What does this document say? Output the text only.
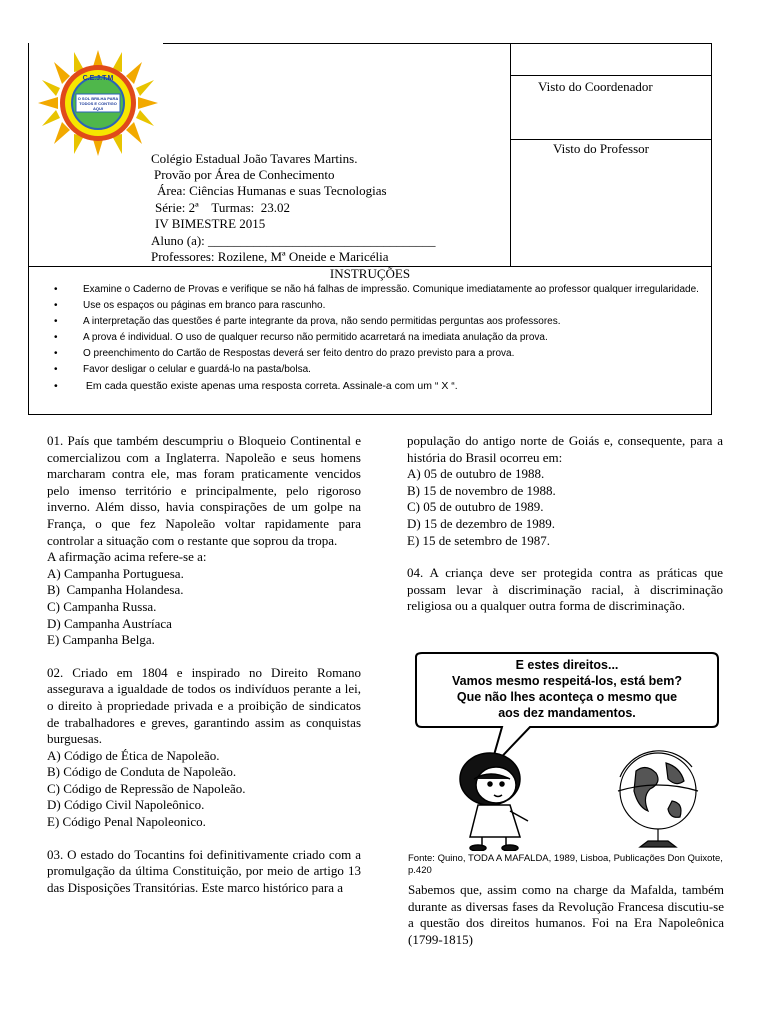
C.E.J.T.M
O SOL BRILHA PARA TODOS E CONTIGO AQUI
Visto do Coordenador
Visto do Professor
Colégio Estadual João Tavares Martins.
Provão por Área de Conhecimento
Área: Ciências Humanas e suas Tecnologias
Série: 2ª    Turmas:  23.02
IV BIMESTRE 2015
Aluno (a): ___________________________________
Professores: Rozilene, Mª Oneide e Maricélia
INSTRUÇÕES
•	Examine o Caderno de Provas e verifique se não há falhas de impressão. Comunique imediatamente ao professor qualquer irregularidade.
•	Use os espaços ou páginas em branco para rascunho.
•	A interpretação das questões é parte integrante da prova, não sendo permitidas perguntas aos professores.
•	A prova é individual. O uso de qualquer recurso não permitido acarretará na imediata anulação da prova.
•	O preenchimento do Cartão de Respostas deverá ser feito dentro do prazo previsto para a prova.
•	Favor desligar o celular e guardá-lo na pasta/bolsa.
• Em cada questão existe apenas uma resposta correta. Assinale-a com um “ X “.

01. País que também descumpriu o Bloqueio Continental e comercializou com a Inglaterra. Napoleão e seus homens marcharam contra ele, mas foram praticamente vencidos pelo imenso território e principalmente, pelo rigoroso inverno. Além disso, havia conspirações de um golpe na França, o que fez Napoleão voltar rapidamente para controlar a situação com o restante que soprou da tropa.

A afirmação acima refere-se a:

A) Campanha Portuguesa.
B)  Campanha Holandesa.
C) Campanha Russa.
D) Campanha Austríaca
E) Campanha Belga.

02. Criado em 1804 e inspirado no Direito Romano assegurava a igualdade de todos os indivíduos perante a lei, o direito à propriedade privada e a proibição de sindicatos de trabalhadores e greves, garantindo assim as conquistas burguesas.

A) Código de Ética de Napoleão.
B) Código de Conduta de Napoleão.
C) Código de Repressão de Napoleão.
D) Código Civil Napoleônico.
E) Código Penal Napoleonico.

03. O estado do Tocantins foi definitivamente criado com a promulgação da última Constituição, por meio de artigo 13 das Disposições Transitórias. Este marco histórico para a

população do antigo norte de Goiás e, consequente, para a história do Brasil ocorreu em:

A) 05 de outubro de 1988.
B) 15 de novembro de 1988.
C) 05 de outubro de 1989.
D) 15 de dezembro de 1989.
E) 15 de setembro de 1987.

04. A criança deve ser protegida contra as práticas que possam levar à discriminação racial, à discriminação religiosa ou a qualquer outra forma de discriminação.

E estes direitos...
Vamos mesmo respeitá-los, está bem?
Que não lhes aconteça o mesmo que
aos dez mandamentos.
Fonte: Quino, TODA A MAFALDA, 1989, Lisboa, Publicações Don Quixote, p.420

Sabemos que, assim como na charge da Mafalda, também durante as diversas fases da Revolução Francesa discutiu-se a questão dos direitos humanos. Foi na Era Napoleônica (1799-1815)
